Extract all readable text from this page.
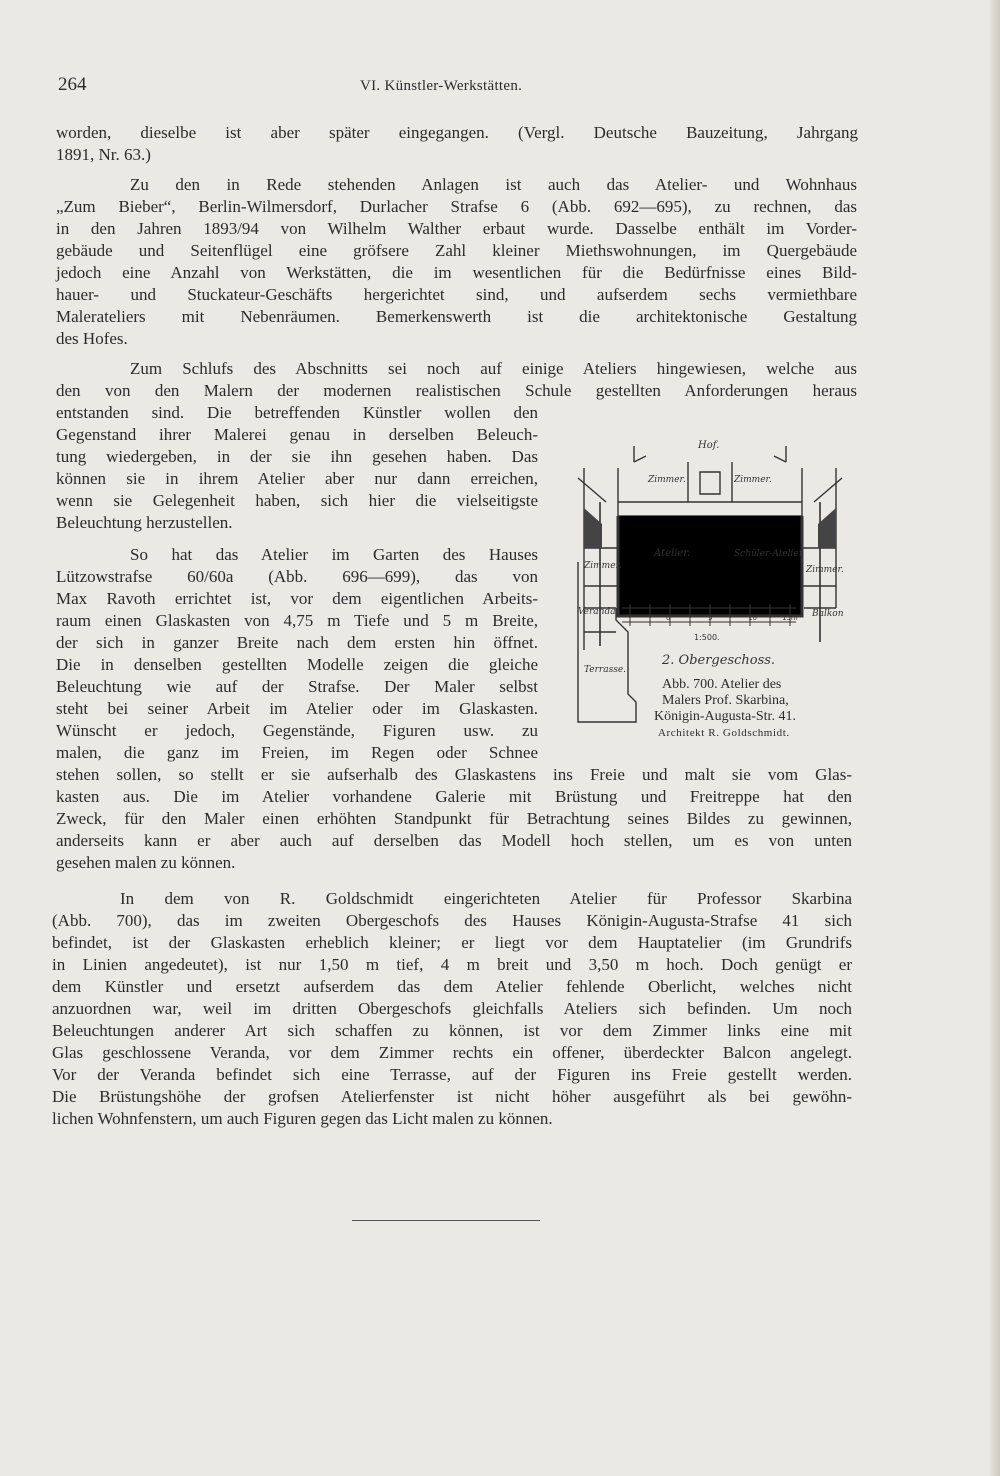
264	VI. Künstler-Werkstätten.
worden, dieselbe ist aber später eingegangen. (Vergl. Deutsche Bauzeitung, Jahrgang
1891, Nr. 63.)
Zu den in Rede stehenden Anlagen ist auch das Atelier- und Wohnhaus
„Zum Bieber“, Berlin-Wilmersdorf, Durlacher Strafse 6 (Abb. 692—695), zu rechnen, das
in den Jahren 1893/94 von Wilhelm Walther erbaut wurde. Dasselbe enthält im Vorder-
gebäude und Seitenflügel eine gröfsere Zahl kleiner Miethswohnungen, im Quergebäude
jedoch eine Anzahl von Werkstätten, die im wesentlichen für die Bedürfnisse eines Bild-
hauer- und Stuckateur-Geschäfts hergerichtet sind, und aufserdem sechs vermiethbare
Malerateliers mit Nebenräumen. Bemerkenswerth ist die architektonische Gestaltung
des Hofes.
Zum Schlufs des Abschnitts sei noch auf einige Ateliers hingewiesen, welche aus
den von den Malern der modernen realistischen Schule gestellten Anforderungen heraus
entstanden sind. Die betreffenden Künstler wollen den
Gegenstand ihrer Malerei genau in derselben Beleuch-
tung wiedergeben, in der sie ihn gesehen haben. Das
können sie in ihrem Atelier aber nur dann erreichen,
wenn sie Gelegenheit haben, sich hier die vielseitigste
Beleuchtung herzustellen.
So hat das Atelier im Garten des Hauses
Lützowstrafse 60/60a (Abb. 696—699), das von
Max Ravoth errichtet ist, vor dem eigentlichen Arbeits-
raum einen Glaskasten von 4,75 m Tiefe und 5 m Breite,
der sich in ganzer Breite nach dem ersten hin öffnet.
Die in denselben gestellten Modelle zeigen die gleiche
Beleuchtung wie auf der Strafse. Der Maler selbst
steht bei seiner Arbeit im Atelier oder im Glaskasten.
Wünscht er jedoch, Gegenstände, Figuren usw. zu
malen, die ganz im Freien, im Regen oder Schnee
stehen sollen, so stellt er sie aufserhalb des Glaskastens ins Freie und malt sie vom Glas-
kasten aus. Die im Atelier vorhandene Galerie mit Brüstung und Freitreppe hat den
Zweck, für den Maler einen erhöhten Standpunkt für Betrachtung seines Bildes zu gewinnen,
anderseits kann er aber auch auf derselben das Modell hoch stellen, um es von unten
gesehen malen zu können.
In dem von R. Goldschmidt eingerichteten Atelier für Professor Skarbina
(Abb. 700), das im zweiten Obergeschofs des Hauses Königin-Augusta-Strafse 41 sich
befindet, ist der Glaskasten erheblich kleiner; er liegt vor dem Hauptatelier (im Grundrifs
in Linien angedeutet), ist nur 1,50 m tief, 4 m breit und 3,50 m hoch. Doch genügt er
dem Künstler und ersetzt aufserdem das dem Atelier fehlende Oberlicht, welches nicht
anzuordnen war, weil im dritten Obergeschofs gleichfalls Ateliers sich befinden. Um noch
Beleuchtungen anderer Art sich schaffen zu können, ist vor dem Zimmer links eine mit
Glas geschlossene Veranda, vor dem Zimmer rechts ein offener, überdeckter Balcon angelegt.
Vor der Veranda befindet sich eine Terrasse, auf der Figuren ins Freie gestellt werden.
Die Brüstungshöhe der grofsen Atelierfenster ist nicht höher ausgeführt als bei gewöhn-
lichen Wohnfenstern, um auch Figuren gegen das Licht malen zu können.
Hof.
Zimmer.	Zimmer.
Atelier.	Schüler-Atelier
Zimmer.	Zimmer.
Veranda.	Balkon
Terrasse.
0	5	10	15m
1:500.
2. Obergeschoss.
Abb. 700. Atelier des
Malers Prof. Skarbina,
Königin-Augusta-Str. 41.
Architekt R. Goldschmidt.
